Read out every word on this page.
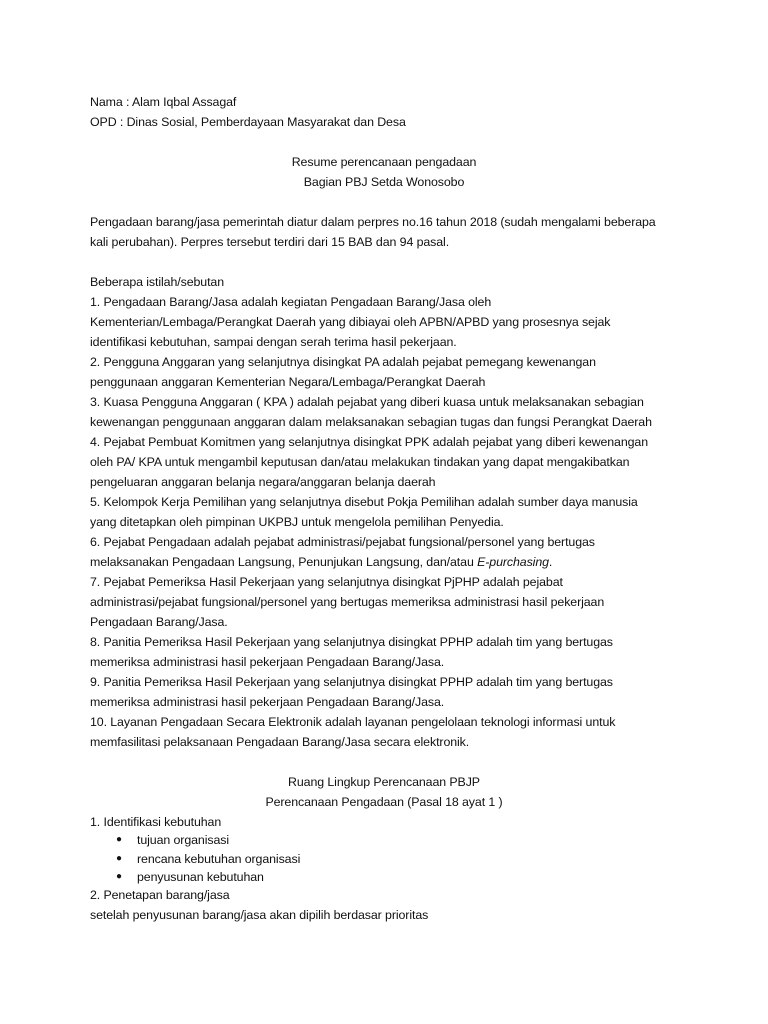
Nama : Alam Iqbal Assagaf
OPD : Dinas Sosial, Pemberdayaan Masyarakat dan Desa
Resume perencanaan pengadaan
Bagian PBJ Setda Wonosobo
Pengadaan barang/jasa pemerintah diatur dalam perpres no.16 tahun 2018 (sudah mengalami beberapa
kali perubahan). Perpres tersebut terdiri dari 15 BAB dan 94 pasal.
Beberapa istilah/sebutan
1. Pengadaan Barang/Jasa adalah kegiatan Pengadaan Barang/Jasa oleh
Kementerian/Lembaga/Perangkat Daerah yang dibiayai oleh APBN/APBD yang prosesnya sejak
identifikasi kebutuhan, sampai dengan serah terima hasil pekerjaan.
2. Pengguna Anggaran yang selanjutnya disingkat PA adalah pejabat pemegang kewenangan
penggunaan anggaran Kementerian Negara/Lembaga/Perangkat Daerah
3. Kuasa Pengguna Anggaran ( KPA ) adalah pejabat yang diberi kuasa untuk melaksanakan sebagian
kewenangan penggunaan anggaran dalam melaksanakan sebagian tugas dan fungsi Perangkat Daerah
4. Pejabat Pembuat Komitmen yang selanjutnya disingkat PPK adalah pejabat yang diberi kewenangan
oleh PA/ KPA untuk mengambil keputusan dan/atau melakukan tindakan yang dapat mengakibatkan
pengeluaran anggaran belanja negara/anggaran belanja daerah
5. Kelompok Kerja Pemilihan yang selanjutnya disebut Pokja Pemilihan adalah sumber daya manusia
yang ditetapkan oleh pimpinan UKPBJ untuk mengelola pemilihan Penyedia.
6. Pejabat Pengadaan adalah pejabat administrasi/pejabat fungsional/personel yang bertugas
melaksanakan Pengadaan Langsung, Penunjukan Langsung, dan/atau E-purchasing.
7. Pejabat Pemeriksa Hasil Pekerjaan yang selanjutnya disingkat PjPHP adalah pejabat
administrasi/pejabat fungsional/personel yang bertugas memeriksa administrasi hasil pekerjaan
Pengadaan Barang/Jasa.
8. Panitia Pemeriksa Hasil Pekerjaan yang selanjutnya disingkat PPHP adalah tim yang bertugas
memeriksa administrasi hasil pekerjaan Pengadaan Barang/Jasa.
9. Panitia Pemeriksa Hasil Pekerjaan yang selanjutnya disingkat PPHP adalah tim yang bertugas
memeriksa administrasi hasil pekerjaan Pengadaan Barang/Jasa.
10. Layanan Pengadaan Secara Elektronik adalah layanan pengelolaan teknologi informasi untuk
memfasilitasi pelaksanaan Pengadaan Barang/Jasa secara elektronik.
Ruang Lingkup Perencanaan PBJP
Perencanaan Pengadaan (Pasal 18 ayat 1 )
1. Identifikasi kebutuhan
● tujuan organisasi
● rencana kebutuhan organisasi
● penyusunan kebutuhan
2. Penetapan barang/jasa
setelah penyusunan barang/jasa akan dipilih berdasar prioritas
